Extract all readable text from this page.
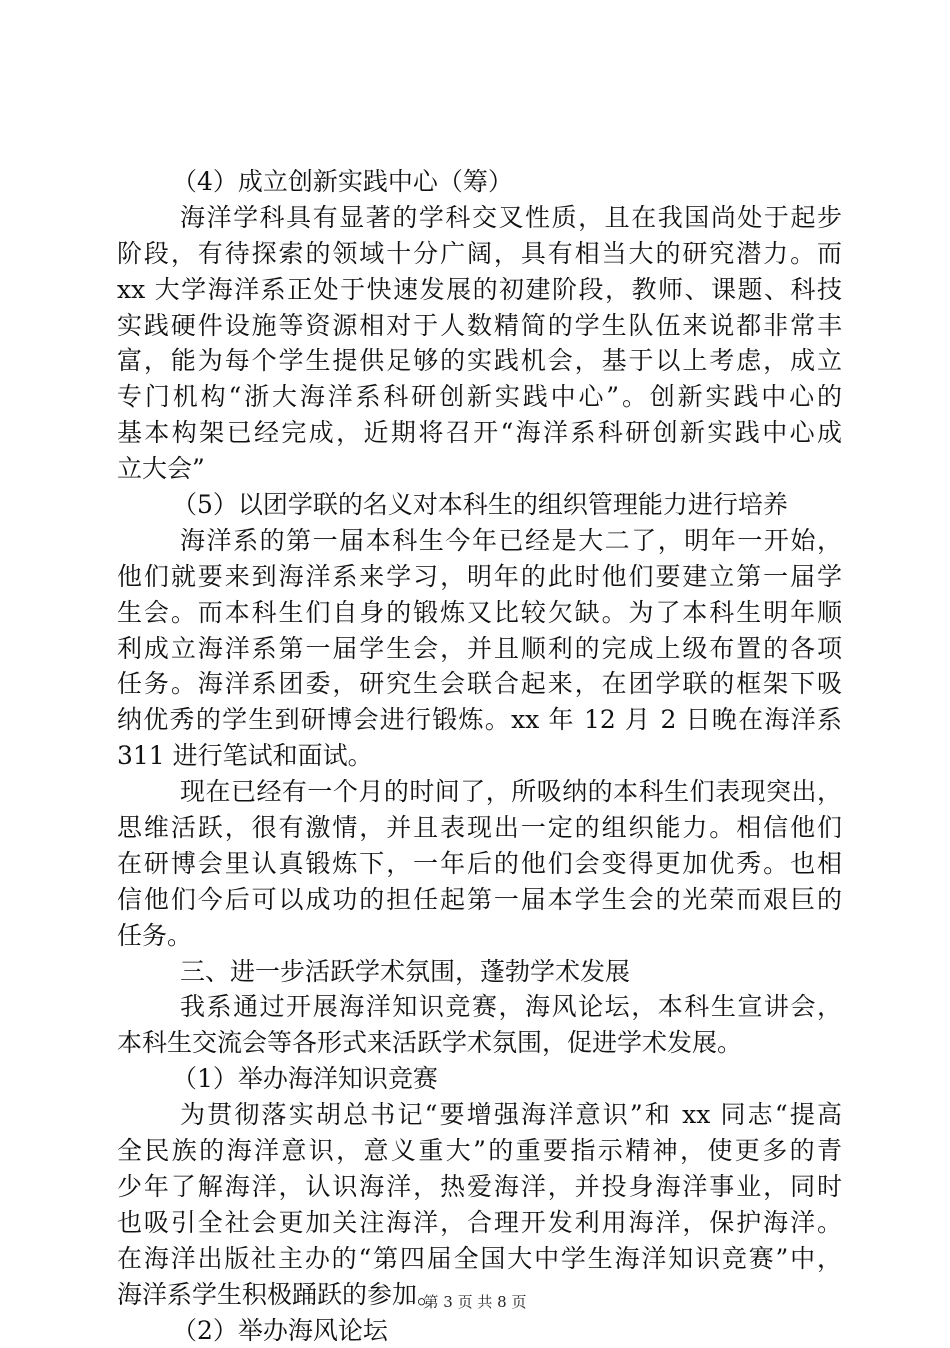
（4）成立创新实践中心（筹）
海洋学科具有显著的学科交叉性质，且在我国尚处于起步
阶段，有待探索的领域十分广阔，具有相当大的研究潜力。而
xx 大学海洋系正处于快速发展的初建阶段，教师、课题、科技
实践硬件设施等资源相对于人数精简的学生队伍来说都非常丰
富，能为每个学生提供足够的实践机会，基于以上考虑，成立
专门机构“浙大海洋系科研创新实践中心”。创新实践中心的
基本构架已经完成，近期将召开“海洋系科研创新实践中心成
立大会”
（5）以团学联的名义对本科生的组织管理能力进行培养
海洋系的第一届本科生今年已经是大二了，明年一开始，
他们就要来到海洋系来学习，明年的此时他们要建立第一届学
生会。而本科生们自身的锻炼又比较欠缺。为了本科生明年顺
利成立海洋系第一届学生会，并且顺利的完成上级布置的各项
任务。海洋系团委，研究生会联合起来，在团学联的框架下吸
纳优秀的学生到研博会进行锻炼。xx 年 12 月 2 日晚在海洋系
311 进行笔试和面试。
现在已经有一个月的时间了，所吸纳的本科生们表现突出，
思维活跃，很有激情，并且表现出一定的组织能力。相信他们
在研博会里认真锻炼下，一年后的他们会变得更加优秀。也相
信他们今后可以成功的担任起第一届本学生会的光荣而艰巨的
任务。
三、进一步活跃学术氛围，蓬勃学术发展
我系通过开展海洋知识竞赛，海风论坛，本科生宣讲会，
本科生交流会等各形式来活跃学术氛围，促进学术发展。
（1）举办海洋知识竞赛
为贯彻落实胡总书记“要增强海洋意识”和 xx 同志“提高
全民族的海洋意识，意义重大”的重要指示精神，使更多的青
少年了解海洋，认识海洋，热爱海洋，并投身海洋事业，同时
也吸引全社会更加关注海洋，合理开发利用海洋，保护海洋。
在海洋出版社主办的“第四届全国大中学生海洋知识竞赛”中，
海洋系学生积极踊跃的参加。
（2）举办海风论坛
第 3 页 共 8 页
